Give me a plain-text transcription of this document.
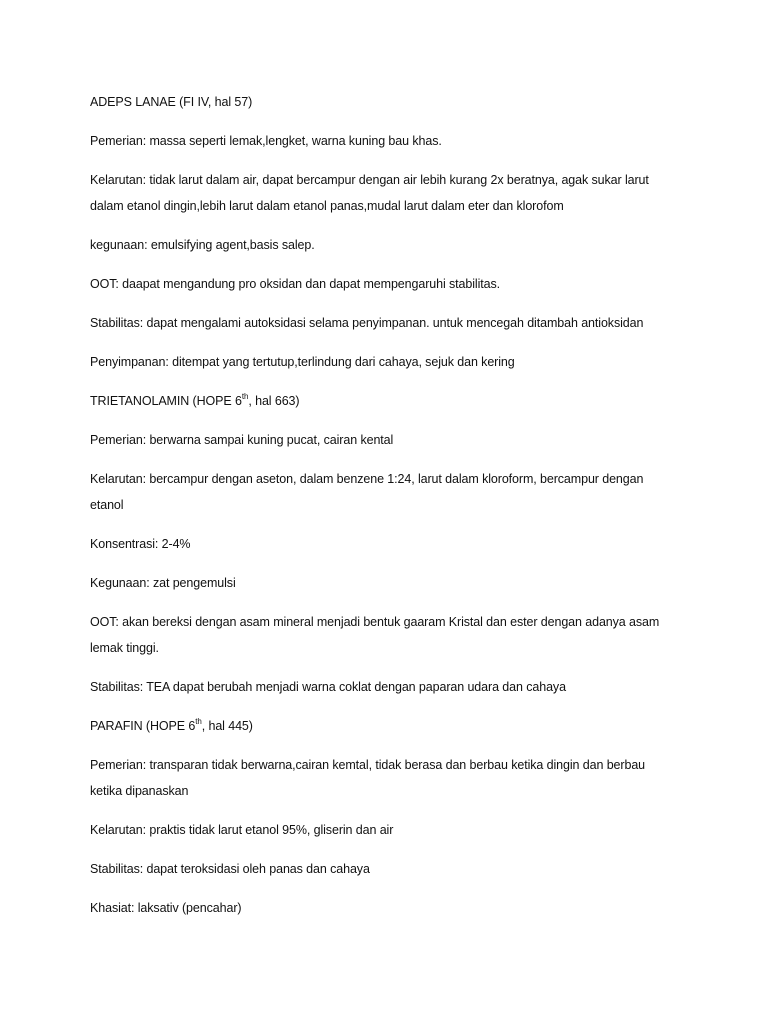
ADEPS LANAE (FI IV, hal 57)

Pemerian: massa seperti lemak,lengket, warna kuning bau khas.

Kelarutan: tidak larut dalam air, dapat bercampur dengan air lebih kurang 2x beratnya, agak sukar larut dalam etanol dingin,lebih larut dalam etanol panas,mudal larut dalam eter dan klorofom

kegunaan: emulsifying agent,basis salep.

OOT: daapat mengandung pro oksidan dan dapat mempengaruhi stabilitas.

Stabilitas: dapat mengalami autoksidasi selama penyimpanan. untuk mencegah ditambah antioksidan

Penyimpanan: ditempat yang tertutup,terlindung dari cahaya, sejuk dan kering

TRIETANOLAMIN (HOPE 6th, hal 663)

Pemerian: berwarna sampai kuning pucat, cairan kental

Kelarutan: bercampur dengan aseton, dalam benzene 1:24, larut dalam kloroform, bercampur dengan etanol

Konsentrasi: 2-4%

Kegunaan: zat pengemulsi

OOT: akan bereksi dengan asam mineral menjadi bentuk gaaram Kristal dan ester dengan adanya asam lemak tinggi.

Stabilitas: TEA dapat berubah menjadi warna coklat dengan paparan udara dan cahaya

PARAFIN (HOPE 6th, hal 445)

Pemerian: transparan tidak berwarna,cairan kemtal, tidak berasa dan berbau ketika dingin dan berbau ketika dipanaskan

Kelarutan: praktis tidak larut etanol 95%, gliserin dan air

Stabilitas: dapat teroksidasi oleh panas dan cahaya

Khasiat: laksativ (pencahar)
